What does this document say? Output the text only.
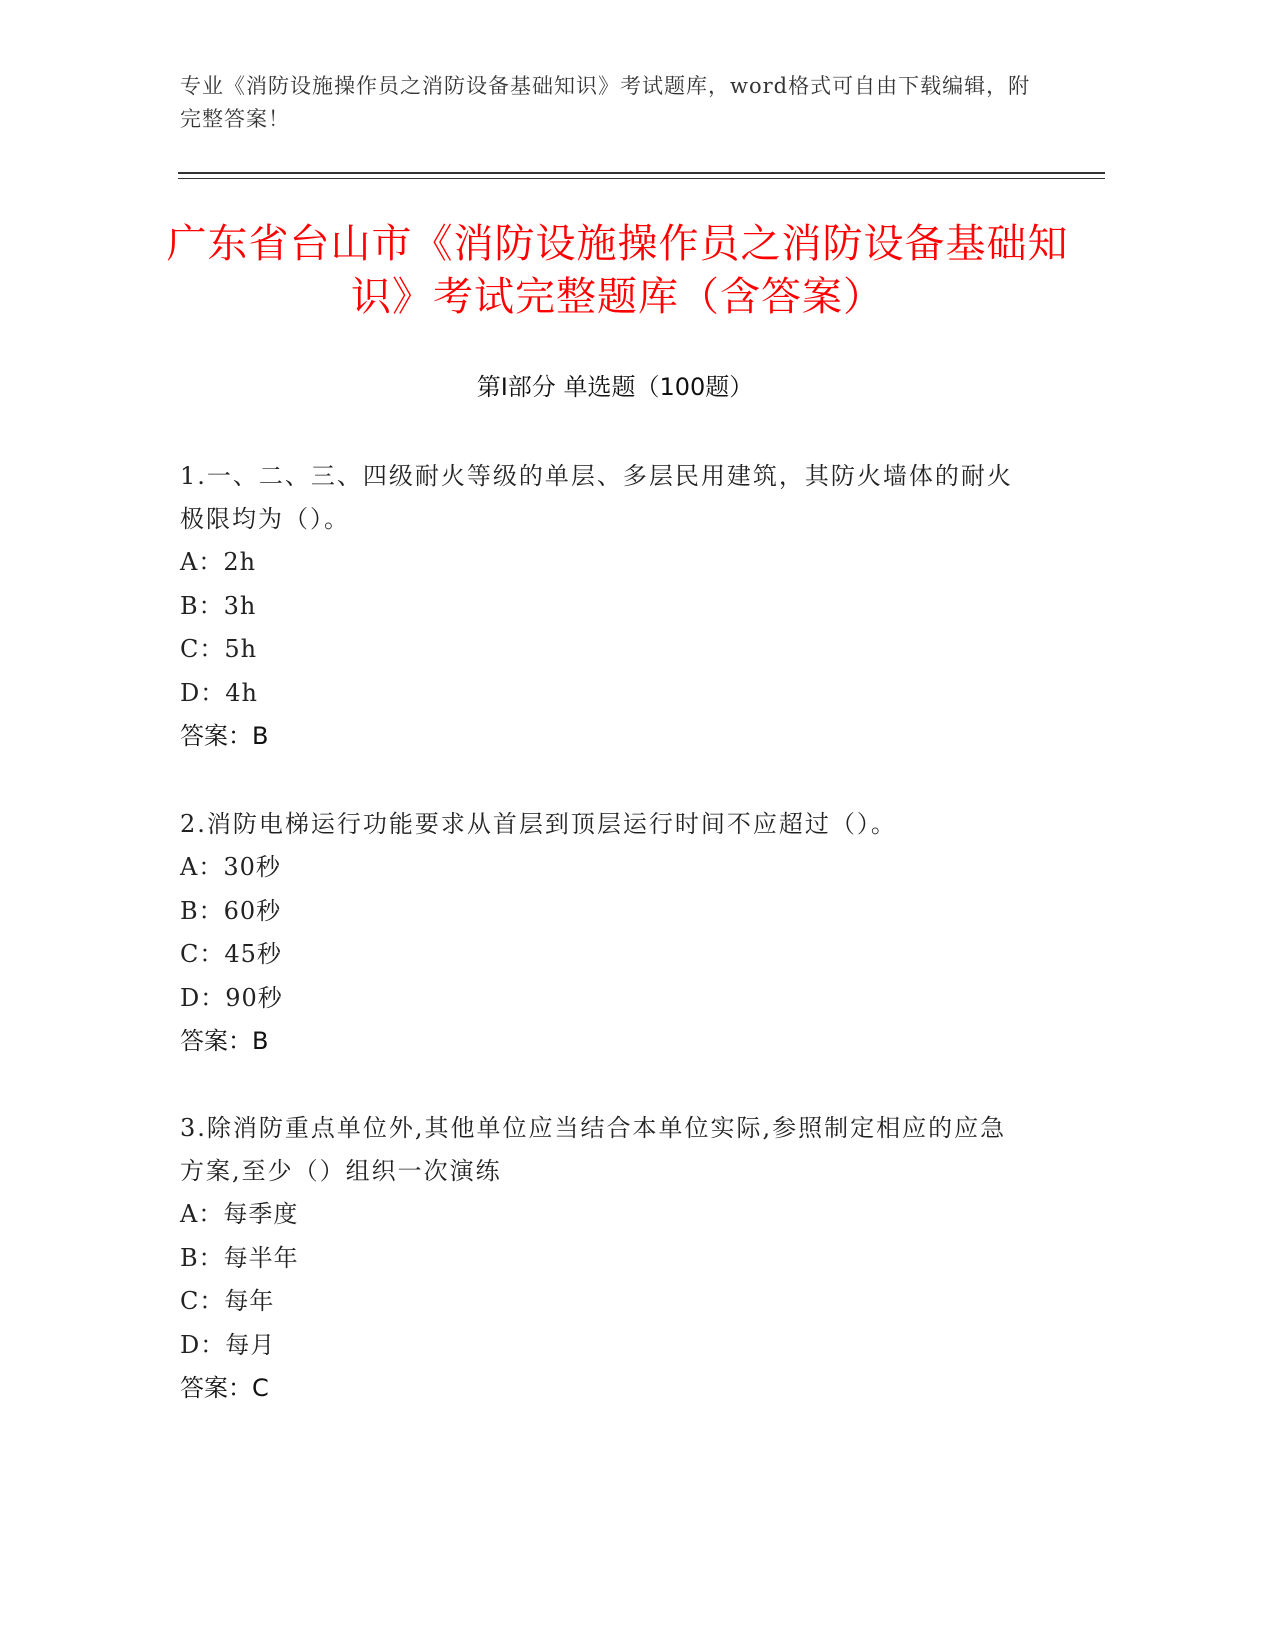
专业《消防设施操作员之消防设备基础知识》考试题库，word格式可自由下载编辑，附完整答案！
广东省台山市《消防设施操作员之消防设备基础知识》考试完整题库（含答案）
第Ⅰ部分 单选题（100题）
1.一、二、三、四级耐火等级的单层、多层民用建筑，其防火墙体的耐火极限均为（）。
A：2h
B：3h
C：5h
D：4h
答案：B
2.消防电梯运行功能要求从首层到顶层运行时间不应超过（）。
A：30秒
B：60秒
C：45秒
D：90秒
答案：B
3.除消防重点单位外,其他单位应当结合本单位实际,参照制定相应的应急方案,至少（）组织一次演练
A：每季度
B：每半年
C：每年
D：每月
答案：C
